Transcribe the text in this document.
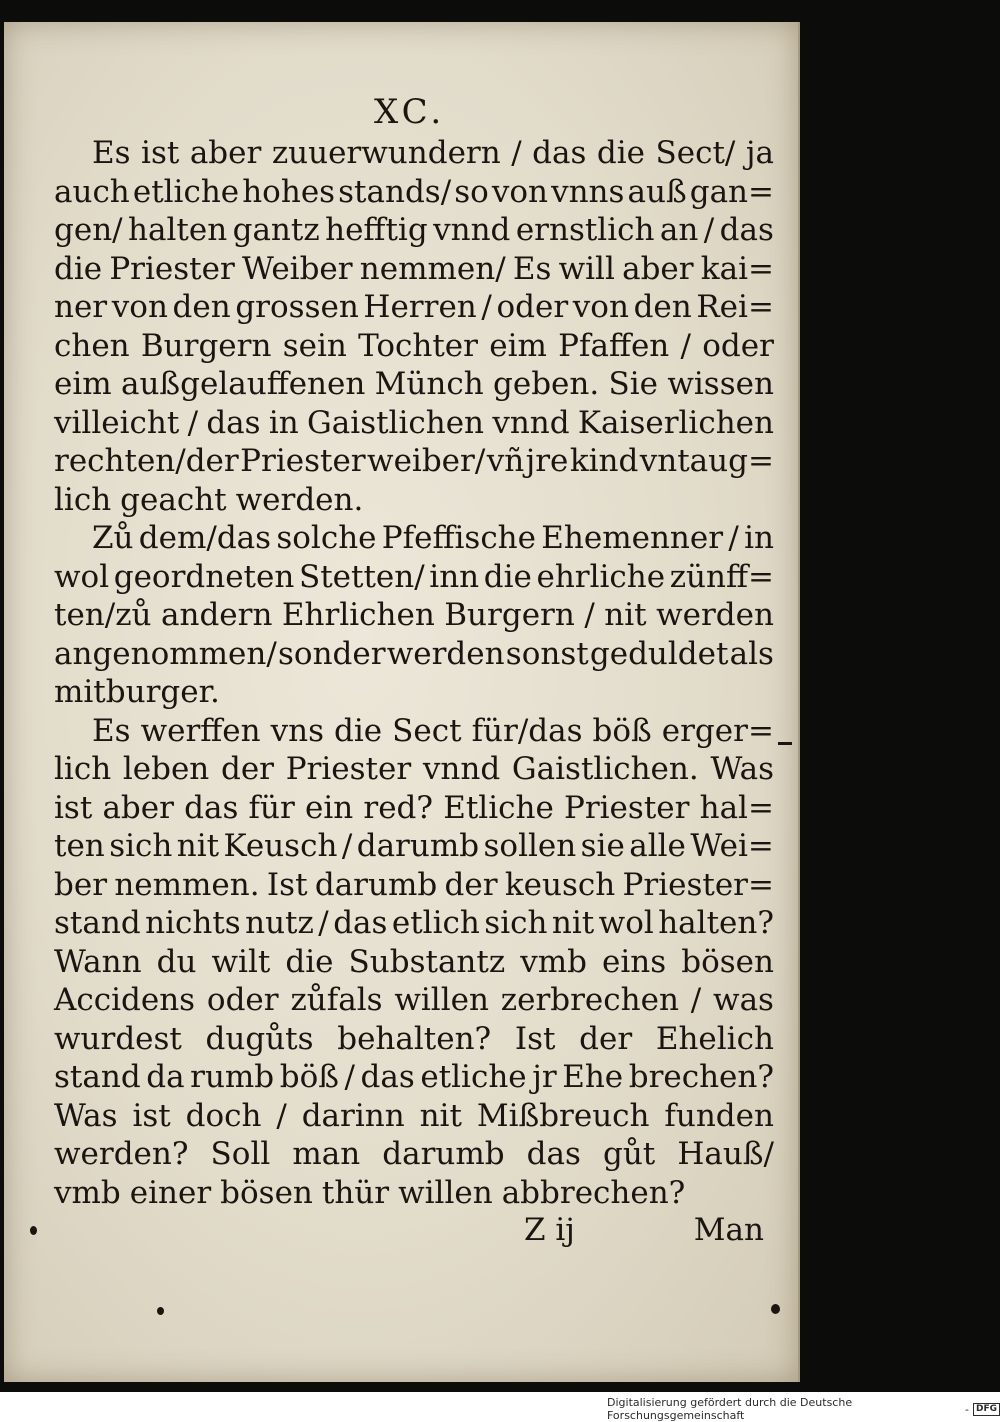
XC.
Es ist aber zuuerwundern / das die Sect/ ja
auch etliche hohes stands/ so von vnns auß gan=
gen/ halten gantz hefftig vnnd ernstlich an / das
die Priester Weiber nemmen/ Es will aber kai=
ner von den grossen Herren / oder von den Rei=
chen Burgern sein Tochter eim Pfaffen / oder
eim außgelauffenen Münch geben. Sie wissen
villeicht / das in Gaistlichen vnnd Kaiserlichen
rechten/der Priester weiber/ vñ jre kind vntaug=
lich geacht werden.
Zů dem/das solche Pfeffische Ehemenner / in
wol geordneten Stetten/ inn die ehrliche zünff=
ten/zů andern Ehrlichen Burgern / nit werden
angenommen/ sonder werden sonst geduldet als
mitburger.
Es werffen vns die Sect für/das böß erger=
lich leben der Priester vnnd Gaistlichen. Was
ist aber das für ein red? Etliche Priester hal=
ten sich nit Keusch / darumb sollen sie alle Wei=
ber nemmen. Ist darumb der keusch Priester=
stand nichts nutz / das etlich sich nit wol halten?
Wann du wilt die Substantz vmb eins bösen
Accidens oder zůfals willen zerbrechen / was
wurdest dugůts behalten? Ist der Ehelich
stand da rumb böß / das etliche jr Ehe brechen?
Was ist doch / darinn nit Mißbreuch funden
werden? Soll man darumb das gůt Hauß/
vmb einer bösen thür willen abbrechen?
Z ij	Man
Digitalisierung gefördert durch die Deutsche Forschungsgemeinschaft	- DFG
